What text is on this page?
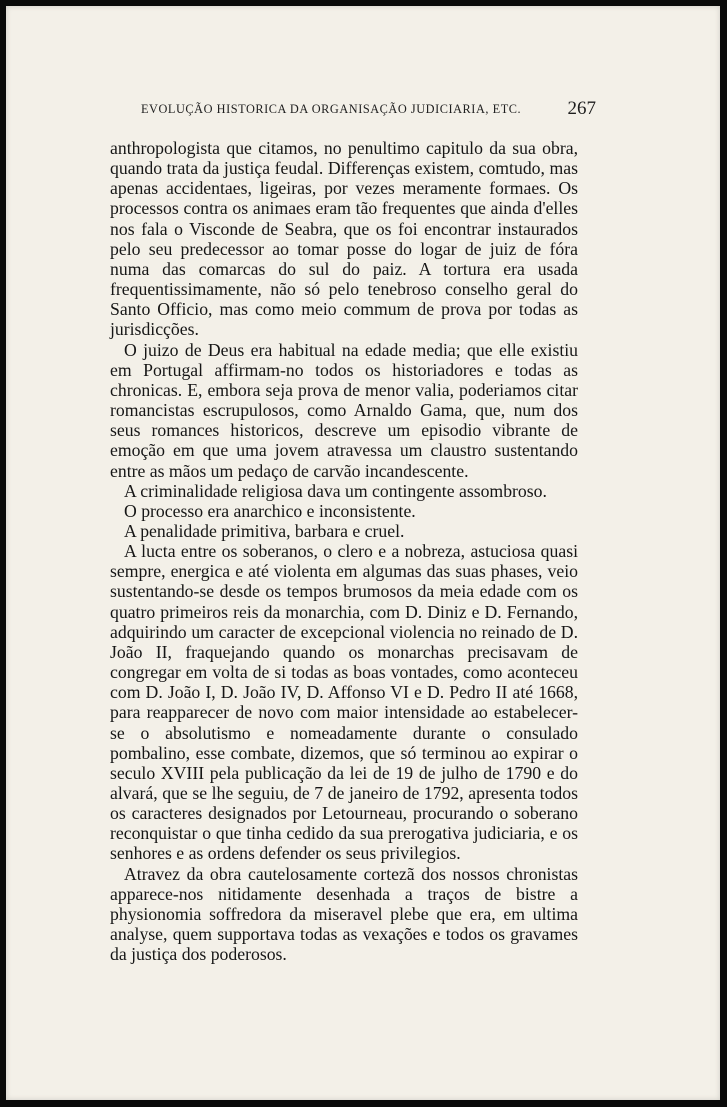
EVOLUÇÃO HISTORICA DA ORGANISAÇÃO JUDICIARIA, ETC. 267

anthropologista que citamos, no penultimo capitulo da sua obra, quando trata da justiça feudal. Differenças existem, comtudo, mas apenas accidentaes, ligeiras, por vezes meramente formaes. Os processos contra os animaes eram tão frequentes que ainda d'elles nos fala o Visconde de Seabra, que os foi encontrar instaurados pelo seu predecessor ao tomar posse do logar de juiz de fóra numa das comarcas do sul do paiz. A tortura era usada frequentissimamente, não só pelo tenebroso conselho geral do Santo Officio, mas como meio commum de prova por todas as jurisdicções.

O juizo de Deus era habitual na edade media; que elle existiu em Portugal affirmam-no todos os historiadores e todas as chronicas. E, embora seja prova de menor valia, poderiamos citar romancistas escrupulosos, como Arnaldo Gama, que, num dos seus romances historicos, descreve um episodio vibrante de emoção em que uma jovem atravessa um claustro sustentando entre as mãos um pedaço de carvão incandescente.

A criminalidade religiosa dava um contingente assombroso.

O processo era anarchico e inconsistente.

A penalidade primitiva, barbara e cruel.

A lucta entre os soberanos, o clero e a nobreza, astuciosa quasi sempre, energica e até violenta em algumas das suas phases, veio sustentando-se desde os tempos brumosos da meia edade com os quatro primeiros reis da monarchia, com D. Diniz e D. Fernando, adquirindo um caracter de excepcional violencia no reinado de D. João II, fraquejando quando os monarchas precisavam de congregar em volta de si todas as boas vontades, como aconteceu com D. João I, D. João IV, D. Affonso VI e D. Pedro II até 1668, para reapparecer de novo com maior intensidade ao estabelecer-se o absolutismo e nomeadamente durante o consulado pombalino, esse combate, dizemos, que só terminou ao expirar o seculo XVIII pela publicação da lei de 19 de julho de 1790 e do alvará, que se lhe seguiu, de 7 de janeiro de 1792, apresenta todos os caracteres designados por Letourneau, procurando o soberano reconquistar o que tinha cedido da sua prerogativa judiciaria, e os senhores e as ordens defender os seus privilegios.

Atravez da obra cautelosamente cortezã dos nossos chronistas apparece-nos nitidamente desenhada a traços de bistre a physionomia soffredora da miseravel plebe que era, em ultima analyse, quem supportava todas as vexações e todos os gravames da justiça dos poderosos.
